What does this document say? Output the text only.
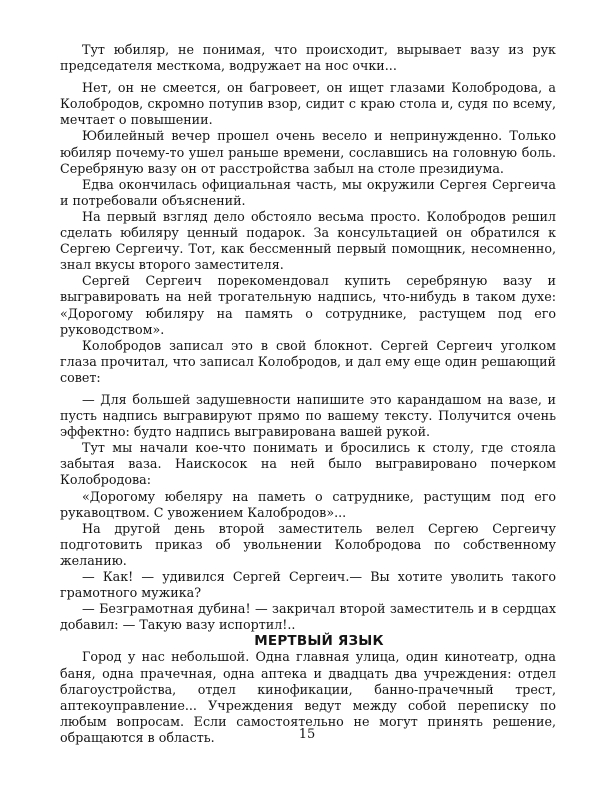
Тут юбиляр, не понимая, что происходит, вырывает вазу из рук председателя месткома, водружает на нос очки...

Нет, он не смеется, он багровеет, он ищет глазами Колобродова, а Колобродов, скромно потупив взор, сидит с краю стола и, судя по всему, мечтает о повышении.

Юбилейный вечер прошел очень весело и непринужденно. Только юбиляр почему-то ушел раньше времени, сославшись на головную боль. Серебряную вазу он от расстройства забыл на столе президиума.

Едва окончилась официальная часть, мы окружили Сергея Сергеича и потребовали объяснений.

На первый взгляд дело обстояло весьма просто. Колобродов решил сделать юбиляру ценный подарок. За консультацией он обратился к Сергею Сергеичу. Тот, как бессменный первый помощник, несомненно, знал вкусы второго заместителя.

Сергей Сергеич порекомендовал купить серебряную вазу и выгравировать на ней трогательную надпись, что-нибудь в таком духе: «Дорогому юбиляру на память о сотруднике, растущем под его руководством».

Колобродов записал это в свой блокнот. Сергей Сергеич уголком глаза прочитал, что записал Колобродов, и дал ему еще один решающий совет:

— Для большей задушевности напишите это карандашом на вазе, и пусть надпись выгравируют прямо по вашему тексту. Получится очень эффектно: будто надпись выгравирована вашей рукой.

Тут мы начали кое-что понимать и бросились к столу, где стояла забытая ваза. Наискосок на ней было выгравировано почерком Колобродова:

«Дорогому юбеляру на паметь о сатруднике, растущим под его рукавоцтвом. С увожением Калобродов»...

На другой день второй заместитель велел Сергею Сергеичу подготовить приказ об увольнении Колобродова по собственному желанию.

— Как! — удивился Сергей Сергеич.— Вы хотите уволить такого грамотного мужика?

— Безграмотная дубина! — закричал второй заместитель и в сердцах добавил: — Такую вазу испортил!..

МЕРТВЫЙ ЯЗЫК

Город у нас небольшой. Одна главная улица, один кинотеатр, одна баня, одна прачечная, одна аптека и двадцать два учреждения: отдел благоустройства, отдел кинофикации, банно-прачечный трест, аптекоуправление... Учреждения ведут между собой переписку по любым вопросам. Если самостоятельно не могут принять решение, обращаются в область.	15
